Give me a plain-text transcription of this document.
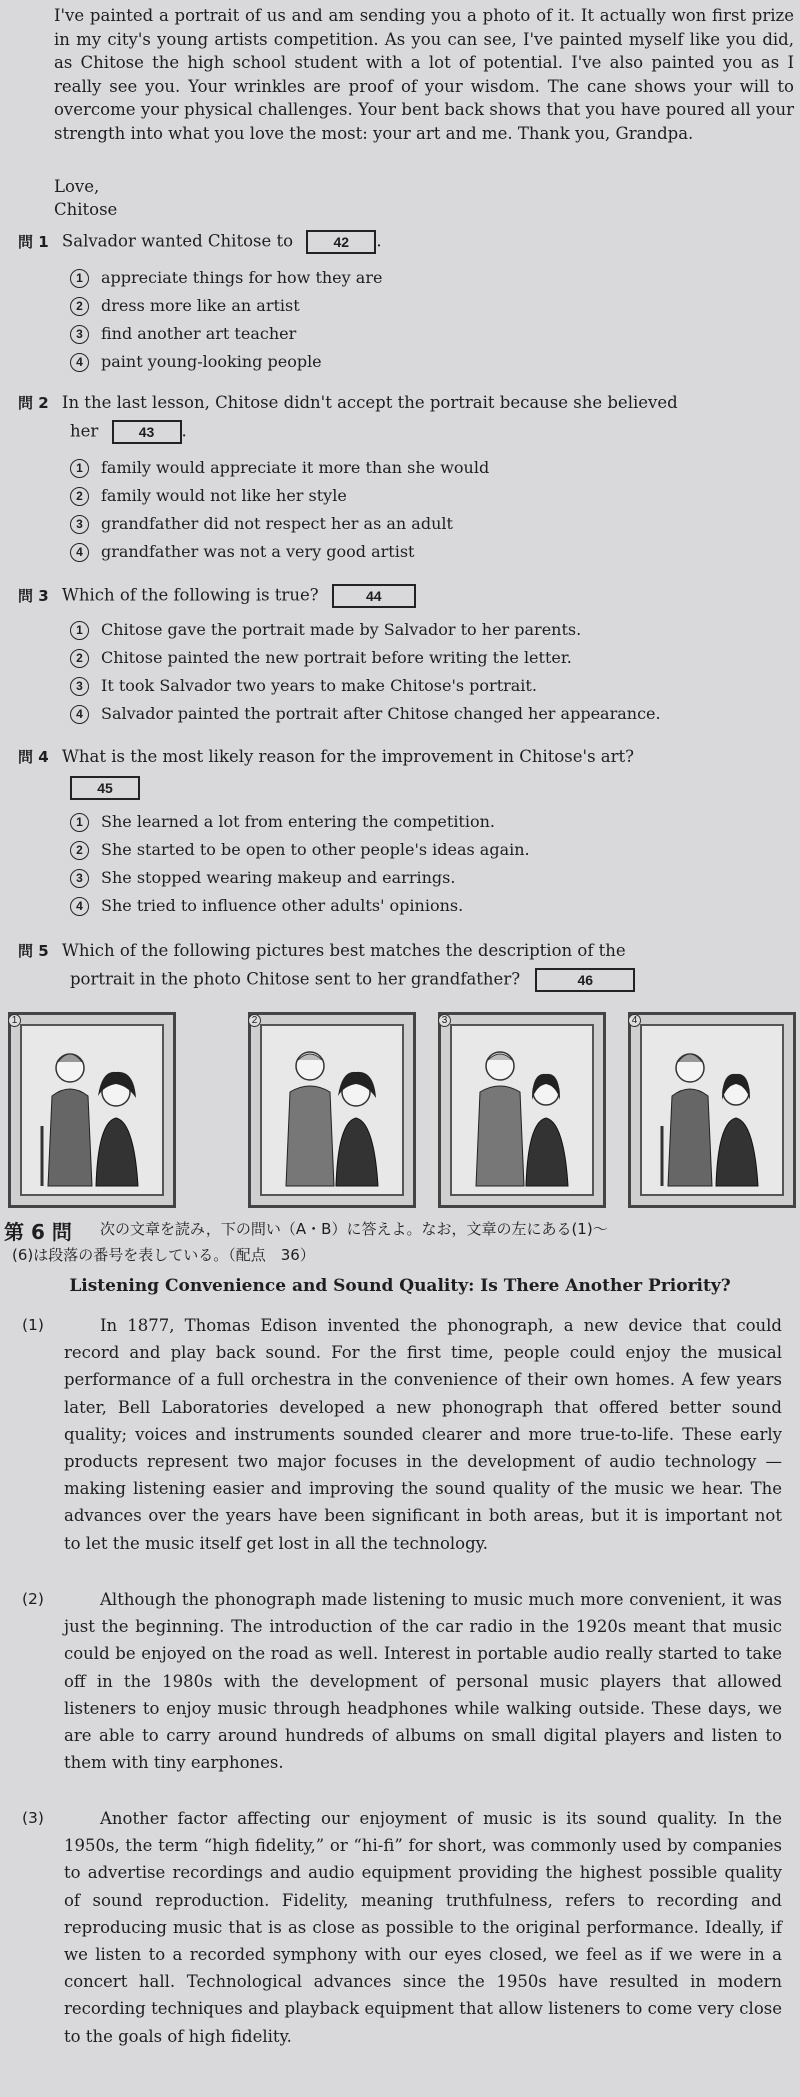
I've painted a portrait of us and am sending you a photo of it. It actually won first prize in my city's young artists competition. As you can see, I've painted myself like you did, as Chitose the high school student with a lot of potential. I've also painted you as I really see you. Your wrinkles are proof of your wisdom. The cane shows your will to overcome your physical challenges. Your bent back shows that you have poured all your strength into what you love the most: your art and me. Thank you, Grandpa.
Love,
Chitose
問 1 Salvador wanted Chitose to	42 .
1 appreciate things for how they are
2 dress more like an artist
3 find another art teacher
4 paint young-looking people
問 2 In the last lesson, Chitose didn't accept the portrait because she believed
her	43 .
1 family would appreciate it more than she would
2 family would not like her style
3 grandfather did not respect her as an adult
4 grandfather was not a very good artist
問 3 Which of the following is true?	44
1 Chitose gave the portrait made by Salvador to her parents.
2 Chitose painted the new portrait before writing the letter.
3 It took Salvador two years to make Chitose's portrait.
4 Salvador painted the portrait after Chitose changed her appearance.
問 4 What is the most likely reason for the improvement in Chitose's art?
45
1 She learned a lot from entering the competition.
2 She started to be open to other people's ideas again.
3 She stopped wearing makeup and earrings.
4 She tried to influence other adults' opinions.
問 5 Which of the following pictures best matches the description of the
portrait in the photo Chitose sent to her grandfather?	46
1	2	3	4
第 6 問 次の文章を読み，下の問い（A・B）に答えよ。なお，文章の左にある(1)〜
(6)は段落の番号を表している。（配点　36）
Listening Convenience and Sound Quality: Is There Another Priority?
(1)	In 1877, Thomas Edison invented the phonograph, a new device that could record and play back sound. For the first time, people could enjoy the musical performance of a full orchestra in the convenience of their own homes. A few years later, Bell Laboratories developed a new phonograph that offered better sound quality; voices and instruments sounded clearer and more true-to-life. These early products represent two major focuses in the development of audio technology — making listening easier and improving the sound quality of the music we hear. The advances over the years have been significant in both areas, but it is important not to let the music itself get lost in all the technology.
(2)	Although the phonograph made listening to music much more convenient, it was just the beginning. The introduction of the car radio in the 1920s meant that music could be enjoyed on the road as well. Interest in portable audio really started to take off in the 1980s with the development of personal music players that allowed listeners to enjoy music through headphones while walking outside. These days, we are able to carry around hundreds of albums on small digital players and listen to them with tiny earphones.
(3)	Another factor affecting our enjoyment of music is its sound quality. In the 1950s, the term “high fidelity,” or “hi-fi” for short, was commonly used by companies to advertise recordings and audio equipment providing the highest possible quality of sound reproduction. Fidelity, meaning truthfulness, refers to recording and reproducing music that is as close as possible to the original performance. Ideally, if we listen to a recorded symphony with our eyes closed, we feel as if we were in a concert hall. Technological advances since the 1950s have resulted in modern recording techniques and playback equipment that allow listeners to come very close to the goals of high fidelity.
